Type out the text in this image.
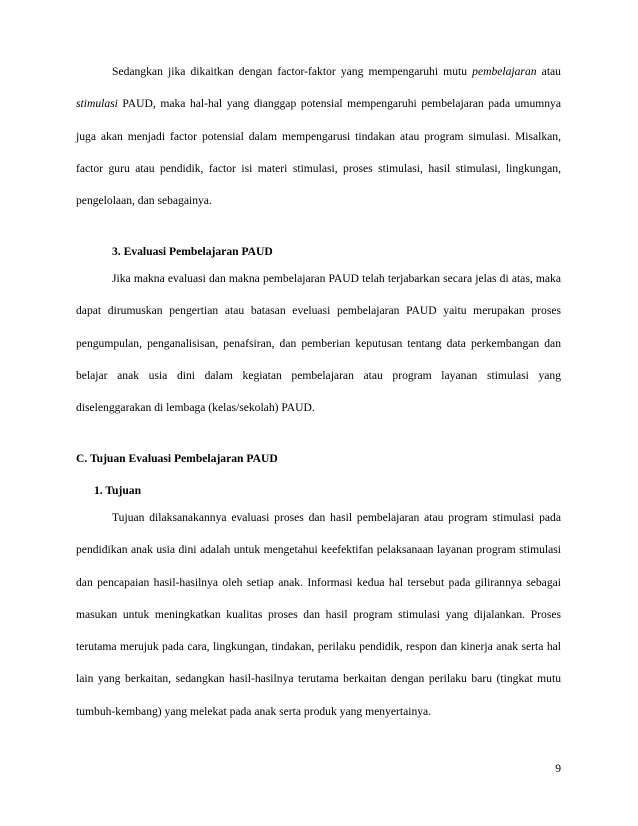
Sedangkan jika dikaitkan dengan factor-faktor yang mempengaruhi mutu pembelajaran atau stimulasi PAUD, maka hal-hal yang dianggap potensial mempengaruhi pembelajaran pada umumnya juga akan menjadi factor potensial dalam mempengarusi tindakan atau program simulasi. Misalkan, factor guru atau pendidik, factor isi materi stimulasi, proses stimulasi, hasil stimulasi, lingkungan, pengelolaan, dan sebagainya.

3. Evaluasi Pembelajaran PAUD

Jika makna evaluasi dan makna pembelajaran PAUD telah terjabarkan secara jelas di atas, maka dapat dirumuskan pengertian atau batasan eveluasi pembelajaran PAUD yaitu merupakan proses pengumpulan, penganalisisan, penafsiran, dan pemberian keputusan tentang data perkembangan dan belajar anak usia dini dalam kegiatan pembelajaran atau program layanan stimulasi yang diselenggarakan di lembaga (kelas/sekolah) PAUD.

C. Tujuan Evaluasi Pembelajaran PAUD
1. Tujuan

Tujuan dilaksanakannya evaluasi proses dan hasil pembelajaran atau program stimulasi pada pendidikan anak usia dini adalah untuk mengetahui keefektifan pelaksanaan layanan program stimulasi dan pencapaian hasil-hasilnya oleh setiap anak. Informasi kedua hal tersebut pada gilirannya sebagai masukan untuk meningkatkan kualitas proses dan hasil program stimulasi yang dijalankan. Proses terutama merujuk pada cara, lingkungan, tindakan, perilaku pendidik, respon dan kinerja anak serta hal lain yang berkaitan, sedangkan hasil-hasilnya terutama berkaitan dengan perilaku baru (tingkat mutu tumbuh-kembang) yang melekat pada anak serta produk yang menyertainya.

9
